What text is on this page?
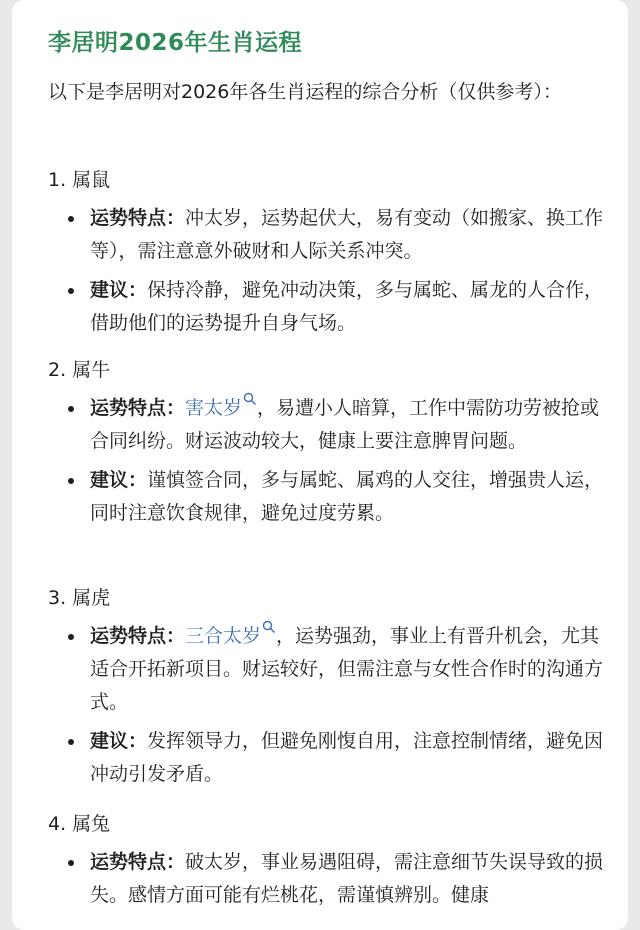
李居明2026年生肖运程
以下是李居明对2026年各生肖运程的综合分析（仅供参考）：

1. 属鼠

运势特点：冲太岁，运势起伏大，易有变动（如搬家、换工作等），需注意意外破财和人际关系冲突。
建议：保持冷静，避免冲动决策，多与属蛇、属龙的人合作，借助他们的运势提升自身气场。

2. 属牛

运势特点：害太岁 ，易遭小人暗算，工作中需防功劳被抢或合同纠纷。财运波动较大，健康上要注意脾胃问题。
建议：谨慎签合同，多与属蛇、属鸡的人交往，增强贵人运，同时注意饮食规律，避免过度劳累。

3. 属虎

运势特点：三合太岁 ，运势强劲，事业上有晋升机会，尤其适合开拓新项目。财运较好，但需注意与女性合作时的沟通方式。
建议：发挥领导力，但避免刚愎自用，注意控制情绪，避免因冲动引发矛盾。

4. 属兔

运势特点：破太岁，事业易遇阻碍，需注意细节失误导致的损失。感情方面可能有烂桃花，需谨慎辨别。健康
